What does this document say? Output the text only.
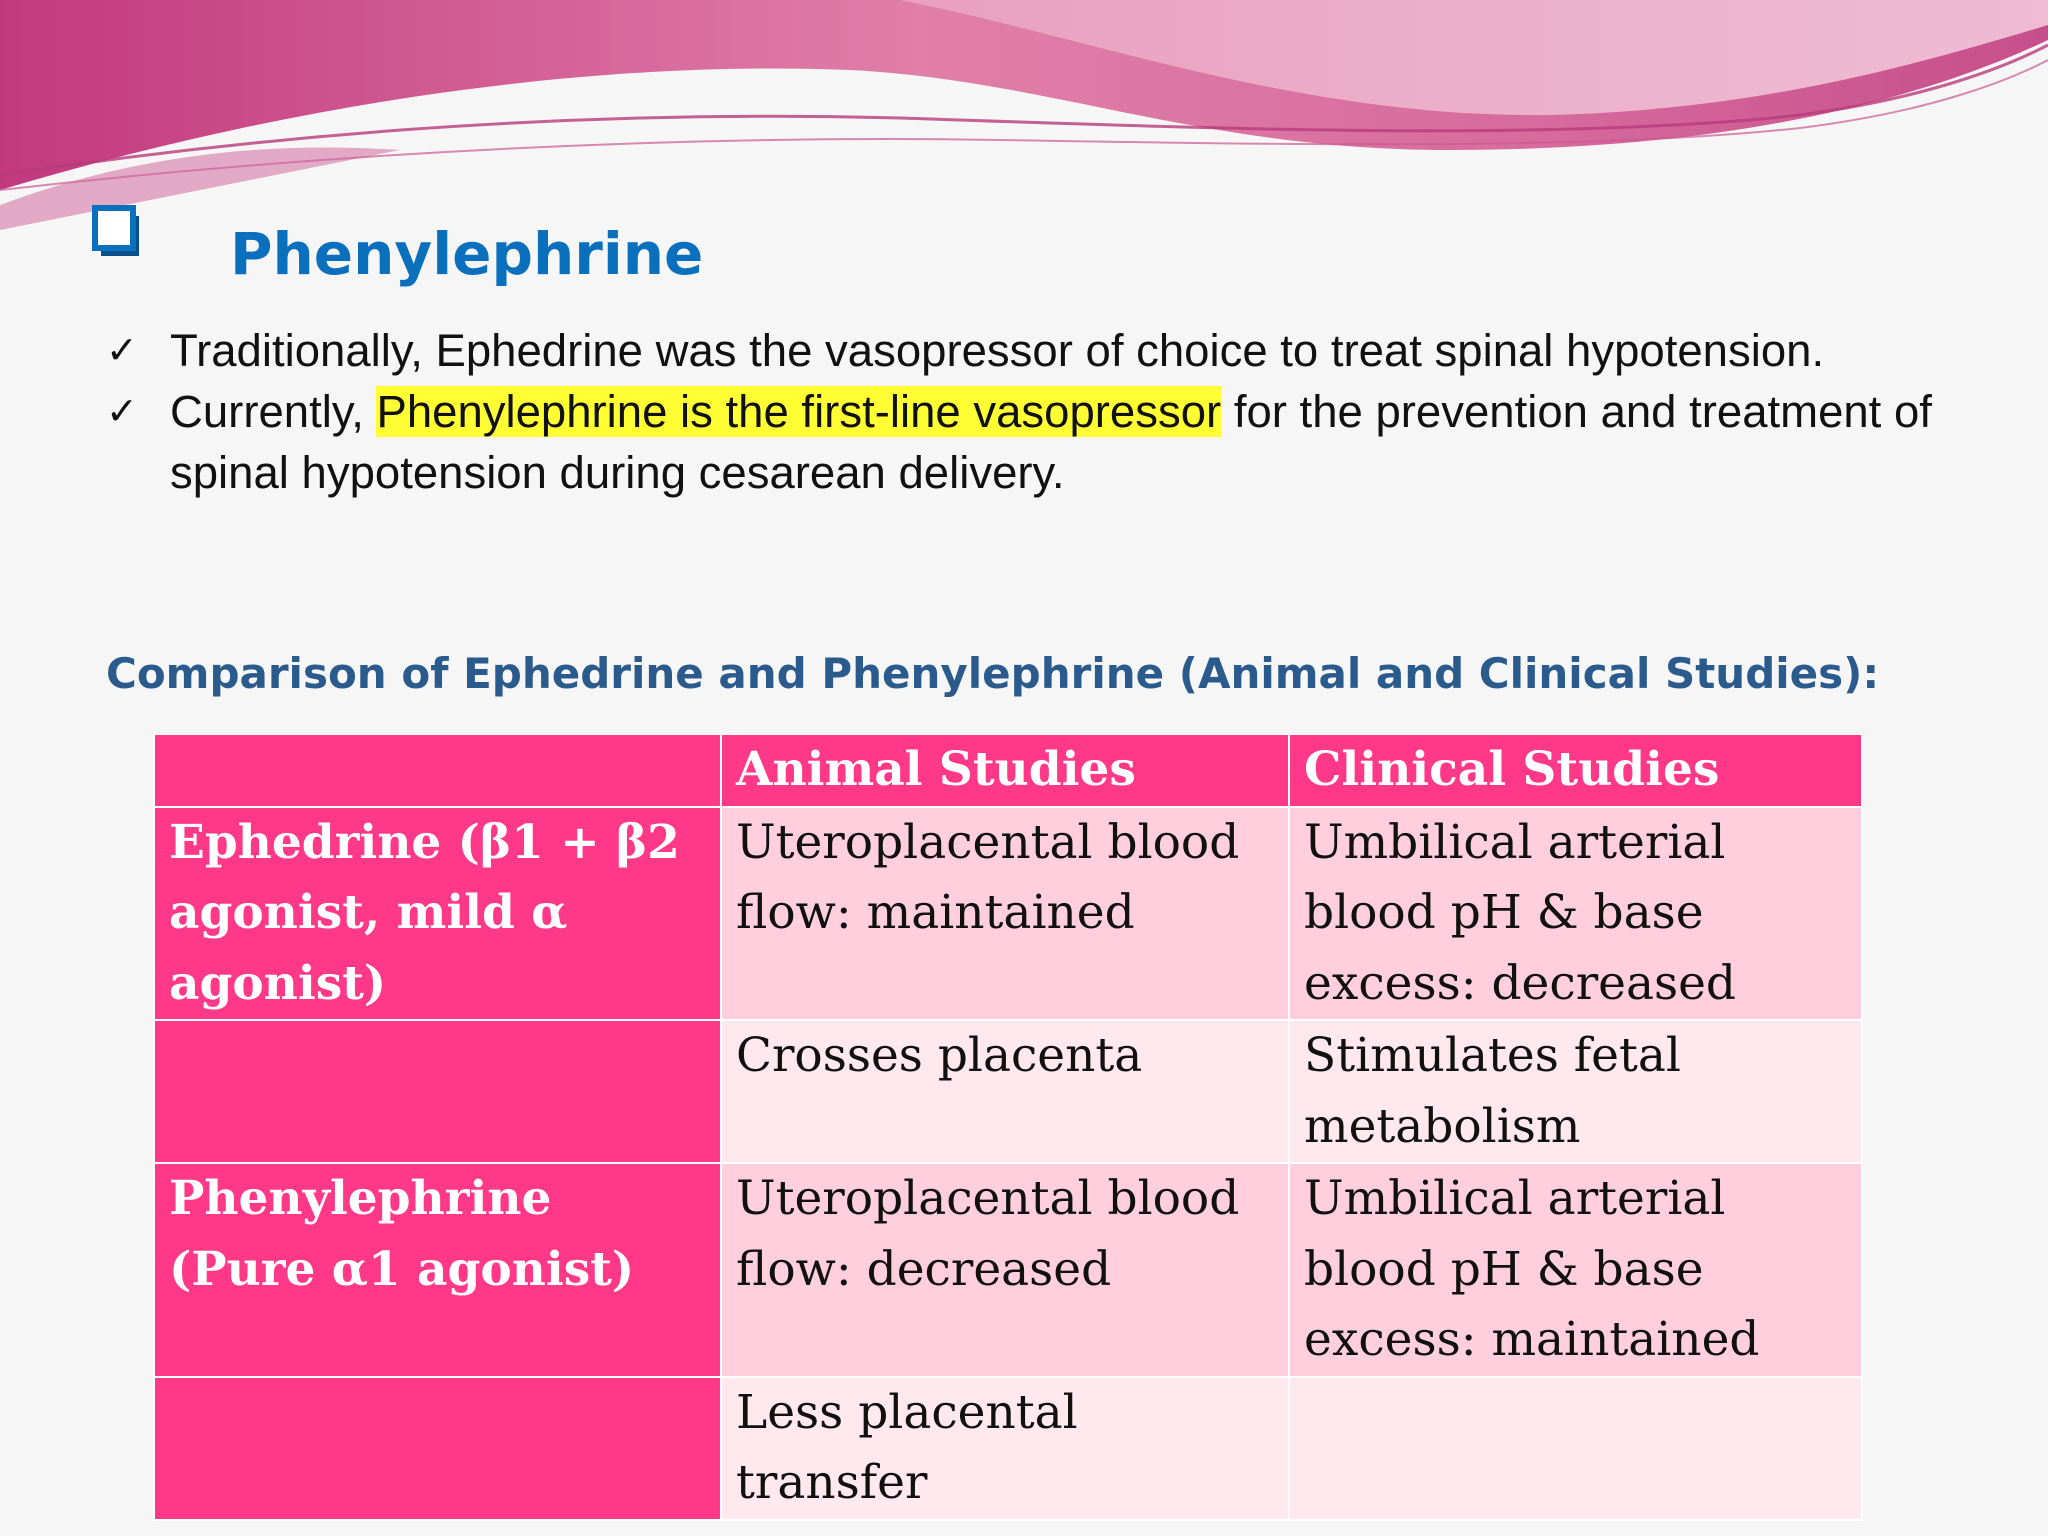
Phenylephrine
✓ Traditionally, Ephedrine was the vasopressor of choice to treat spinal hypotension.
✓ Currently, Phenylephrine is the first-line vasopressor for the prevention and treatment of spinal hypotension during cesarean delivery.
Comparison of Ephedrine and Phenylephrine (Animal and Clinical Studies):
	Animal Studies	Clinical Studies
Ephedrine (β1 + β2 agonist, mild α agonist)	Uteroplacental blood flow: maintained	Umbilical arterial blood pH & base excess: decreased
	Crosses placenta	Stimulates fetal metabolism
Phenylephrine (Pure α1 agonist)	Uteroplacental blood flow: decreased	Umbilical arterial blood pH & base excess: maintained
	Less placental transfer	
